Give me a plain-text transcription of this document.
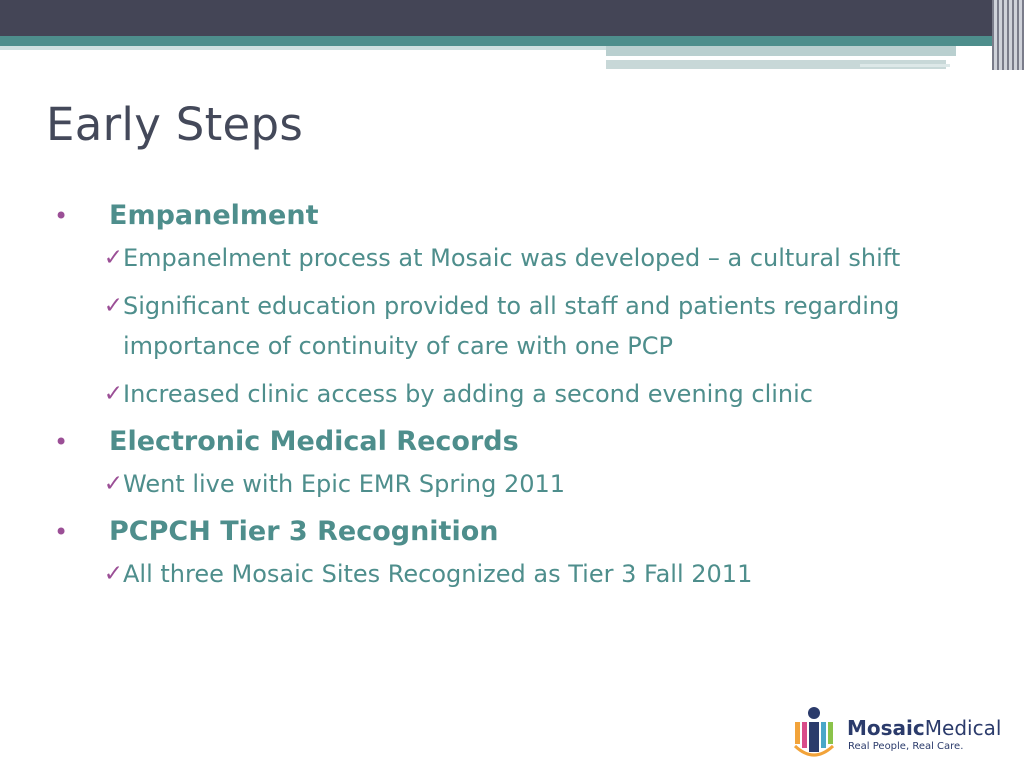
Early Steps
•	Empanelment
✓ Empanelment process at Mosaic was developed – a cultural shift
✓ Significant education provided to all staff and patients regarding importance of continuity of care with one PCP
✓ Increased clinic access by adding a second evening clinic
•	Electronic Medical Records
✓ Went live with Epic EMR Spring 2011
•	PCPCH Tier 3 Recognition
✓ All three Mosaic Sites Recognized as Tier 3 Fall 2011
MosaicMedical
Real People, Real Care.
